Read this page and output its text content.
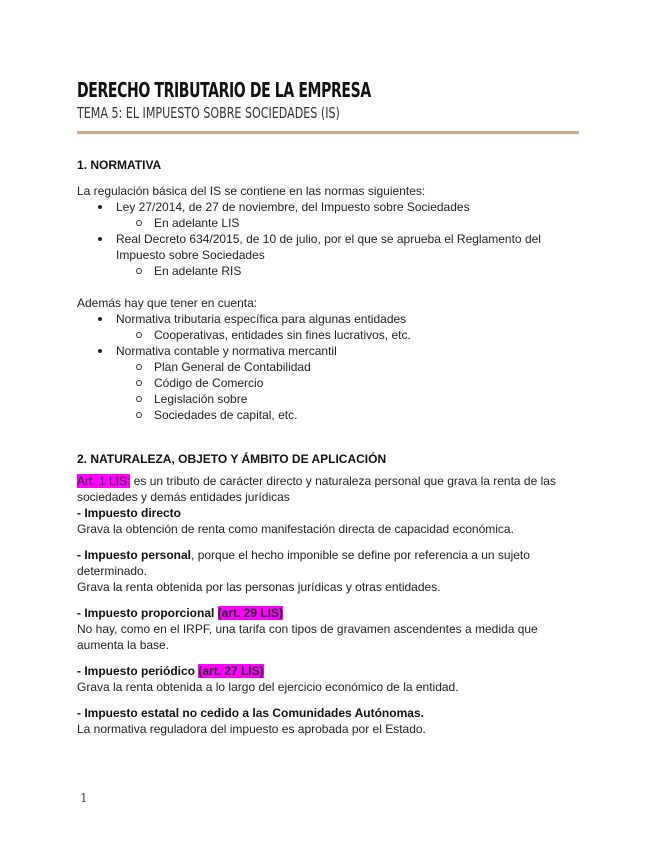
DERECHO TRIBUTARIO DE LA EMPRESA
TEMA 5: EL IMPUESTO SOBRE SOCIEDADES (IS)
1. NORMATIVA

La regulación básica del IS se contiene en las normas siguientes:

Ley 27/2014, de 27 de noviembre, del Impuesto sobre Sociedades
En adelante LIS
Real Decreto 634/2015, de 10 de julio, por el que se aprueba el Reglamento del Impuesto sobre Sociedades
En adelante RIS

Además hay que tener en cuenta:

Normativa tributaria específica para algunas entidades
Cooperativas, entidades sin fines lucrativos, etc.
Normativa contable y normativa mercantil
Plan General de Contabilidad
Código de Comercio
Legislación sobre
Sociedades de capital, etc.
2. NATURALEZA, OBJETO Y ÁMBITO DE APLICACIÓN

Art. 1 LIS: es un tributo de carácter directo y naturaleza personal que grava la renta de las sociedades y demás entidades jurídicas

- Impuesto directo

Grava la obtención de renta como manifestación directa de capacidad económica.

- Impuesto personal, porque el hecho imponible se define por referencia a un sujeto determinado.

Grava la renta obtenida por las personas jurídicas y otras entidades.

- Impuesto proporcional (art. 29 LIS)

No hay, como en el IRPF, una tarifa con tipos de gravamen ascendentes a medida que aumenta la base.

- Impuesto periódico (art. 27 LIS)

Grava la renta obtenida a lo largo del ejercicio económico de la entidad.

- Impuesto estatal no cedido a las Comunidades Autónomas.

La normativa reguladora del impuesto es aprobada por el Estado.

1
